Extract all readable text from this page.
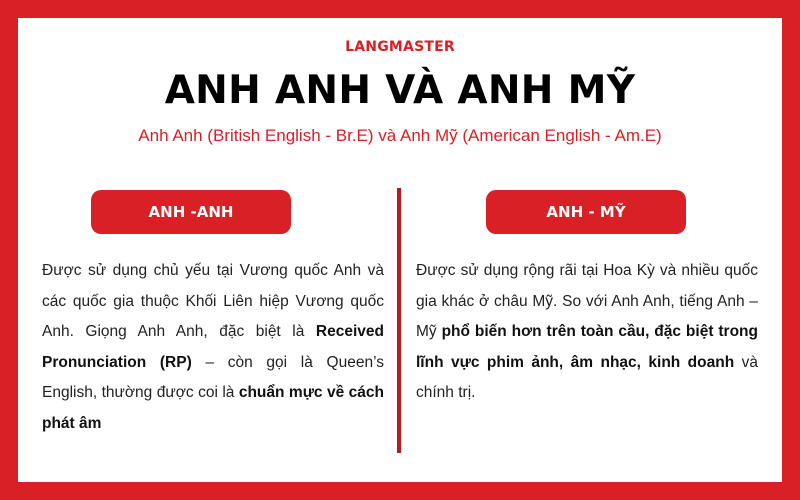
LANGMASTER
ANH ANH VÀ ANH MỸ
Anh Anh (British English - Br.E) và Anh Mỹ (American English - Am.E)
ANH -ANH	ANH - MỸ

Được sử dụng chủ yếu tại Vương quốc Anh và các quốc gia thuộc Khối Liên hiệp Vương quốc Anh. Giọng Anh Anh, đặc biệt là Received Pronunciation (RP) – còn gọi là Queen’s English, thường được coi là chuẩn mực về cách phát âm

Được sử dụng rộng rãi tại Hoa Kỳ và nhiều quốc gia khác ở châu Mỹ. So với Anh Anh, tiếng Anh – Mỹ phổ biến hơn trên toàn cầu, đặc biệt trong lĩnh vực phim ảnh, âm nhạc, kinh doanh và chính trị.
